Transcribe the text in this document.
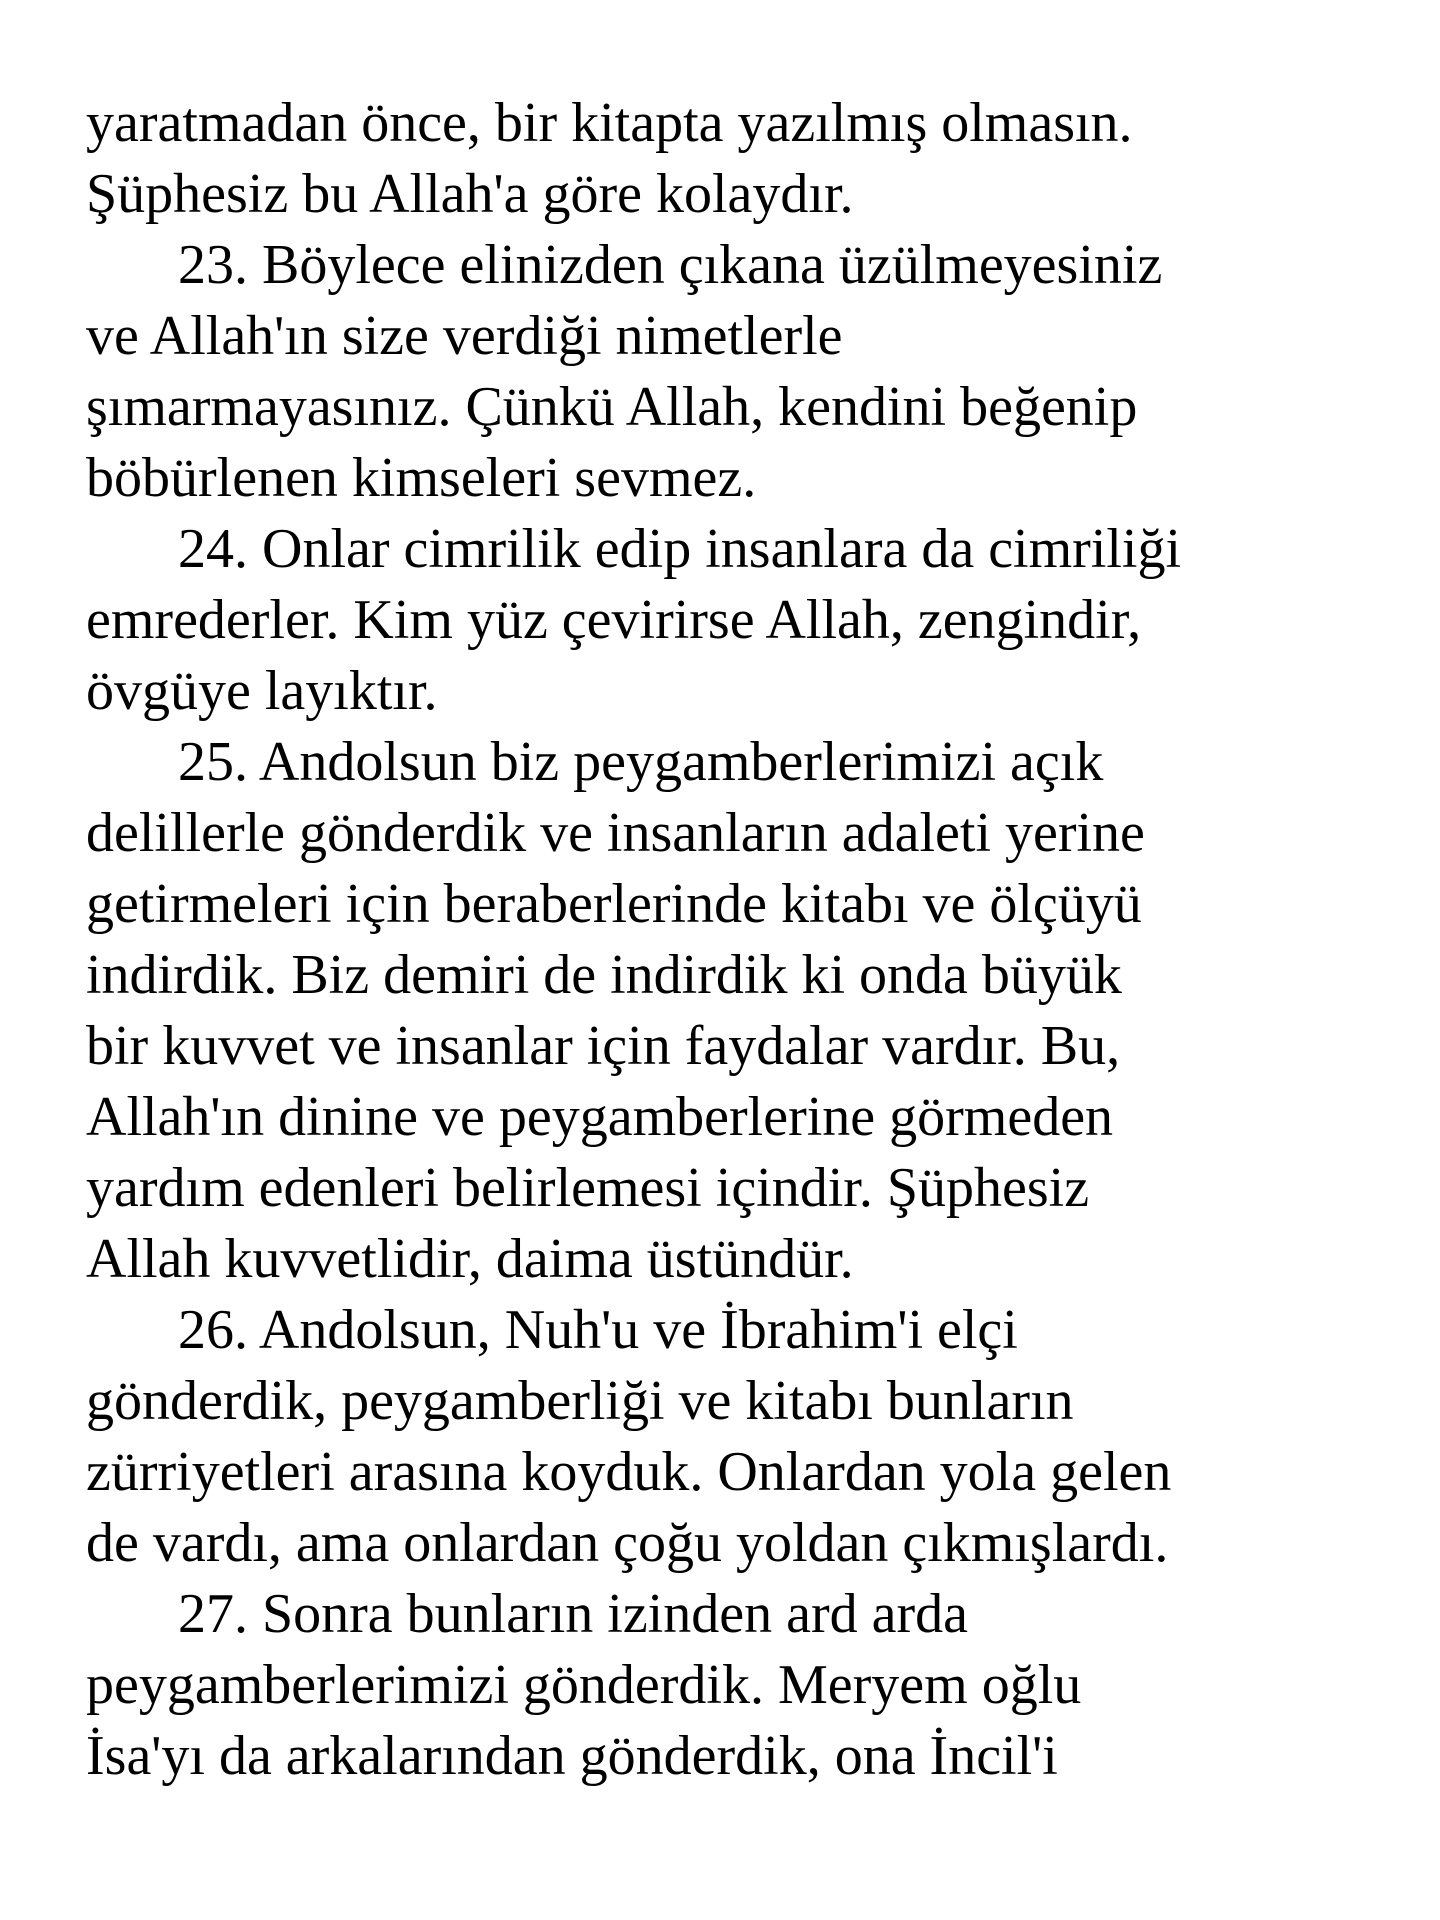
yaratmadan önce, bir kitapta yazılmış olmasın.
Şüphesiz bu Allah'a göre kolaydır.
23. Böylece elinizden çıkana üzülmeyesiniz
ve Allah'ın size verdiği nimetlerle
şımarmayasınız. Çünkü Allah, kendini beğenip
böbürlenen kimseleri sevmez.
24. Onlar cimrilik edip insanlara da cimriliği
emrederler. Kim yüz çevirirse Allah, zengindir,
övgüye layıktır.
25. Andolsun biz peygamberlerimizi açık
delillerle gönderdik ve insanların adaleti yerine
getirmeleri için beraberlerinde kitabı ve ölçüyü
indirdik. Biz demiri de indirdik ki onda büyük
bir kuvvet ve insanlar için faydalar vardır. Bu,
Allah'ın dinine ve peygamberlerine görmeden
yardım edenleri belirlemesi içindir. Şüphesiz
Allah kuvvetlidir, daima üstündür.
26. Andolsun, Nuh'u ve İbrahim'i elçi
gönderdik, peygamberliği ve kitabı bunların
zürriyetleri arasına koyduk. Onlardan yola gelen
de vardı, ama onlardan çoğu yoldan çıkmışlardı.
27. Sonra bunların izinden ard arda
peygamberlerimizi gönderdik. Meryem oğlu
İsa'yı da arkalarından gönderdik, ona İncil'i
